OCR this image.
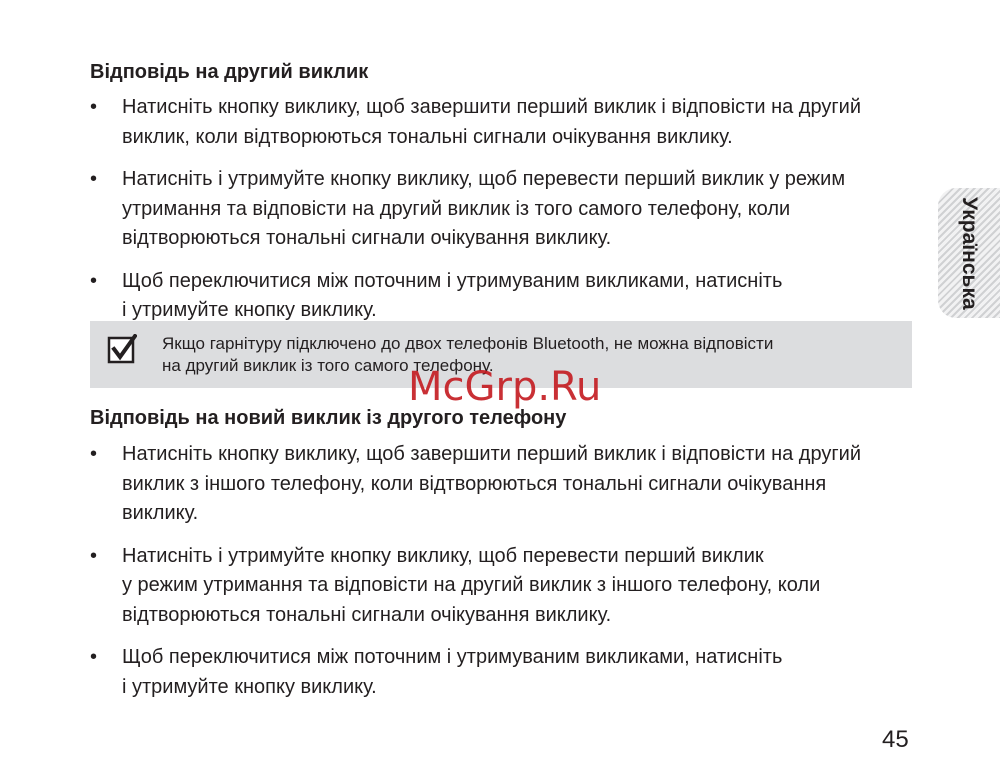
Відповідь на другий виклик
• Натисніть кнопку виклику, щоб завершити перший виклик і відповісти на другий
виклик, коли відтворюються тональні сигнали очікування виклику.
• Натисніть і утримуйте кнопку виклику, щоб перевести перший виклик у режим
утримання та відповісти на другий виклик із того самого телефону, коли
відтворюються тональні сигнали очікування виклику.
• Щоб переключитися між поточним і утримуваним викликами, натисніть
і утримуйте кнопку виклику.
Якщо гарнітуру підключено до двох телефонів Bluetooth, не можна відповісти
на другий виклик із того самого телефону.
Відповідь на новий виклик із другого телефону
• Натисніть кнопку виклику, щоб завершити перший виклик і відповісти на другий
виклик з іншого телефону, коли відтворюються тональні сигнали очікування
виклику.
• Натисніть і утримуйте кнопку виклику, щоб перевести перший виклик
у режим утримання та відповісти на другий виклик з іншого телефону, коли
відтворюються тональні сигнали очікування виклику.
• Щоб переключитися між поточним і утримуваним викликами, натисніть
і утримуйте кнопку виклику.
Українська
McGrp.Ru
45
